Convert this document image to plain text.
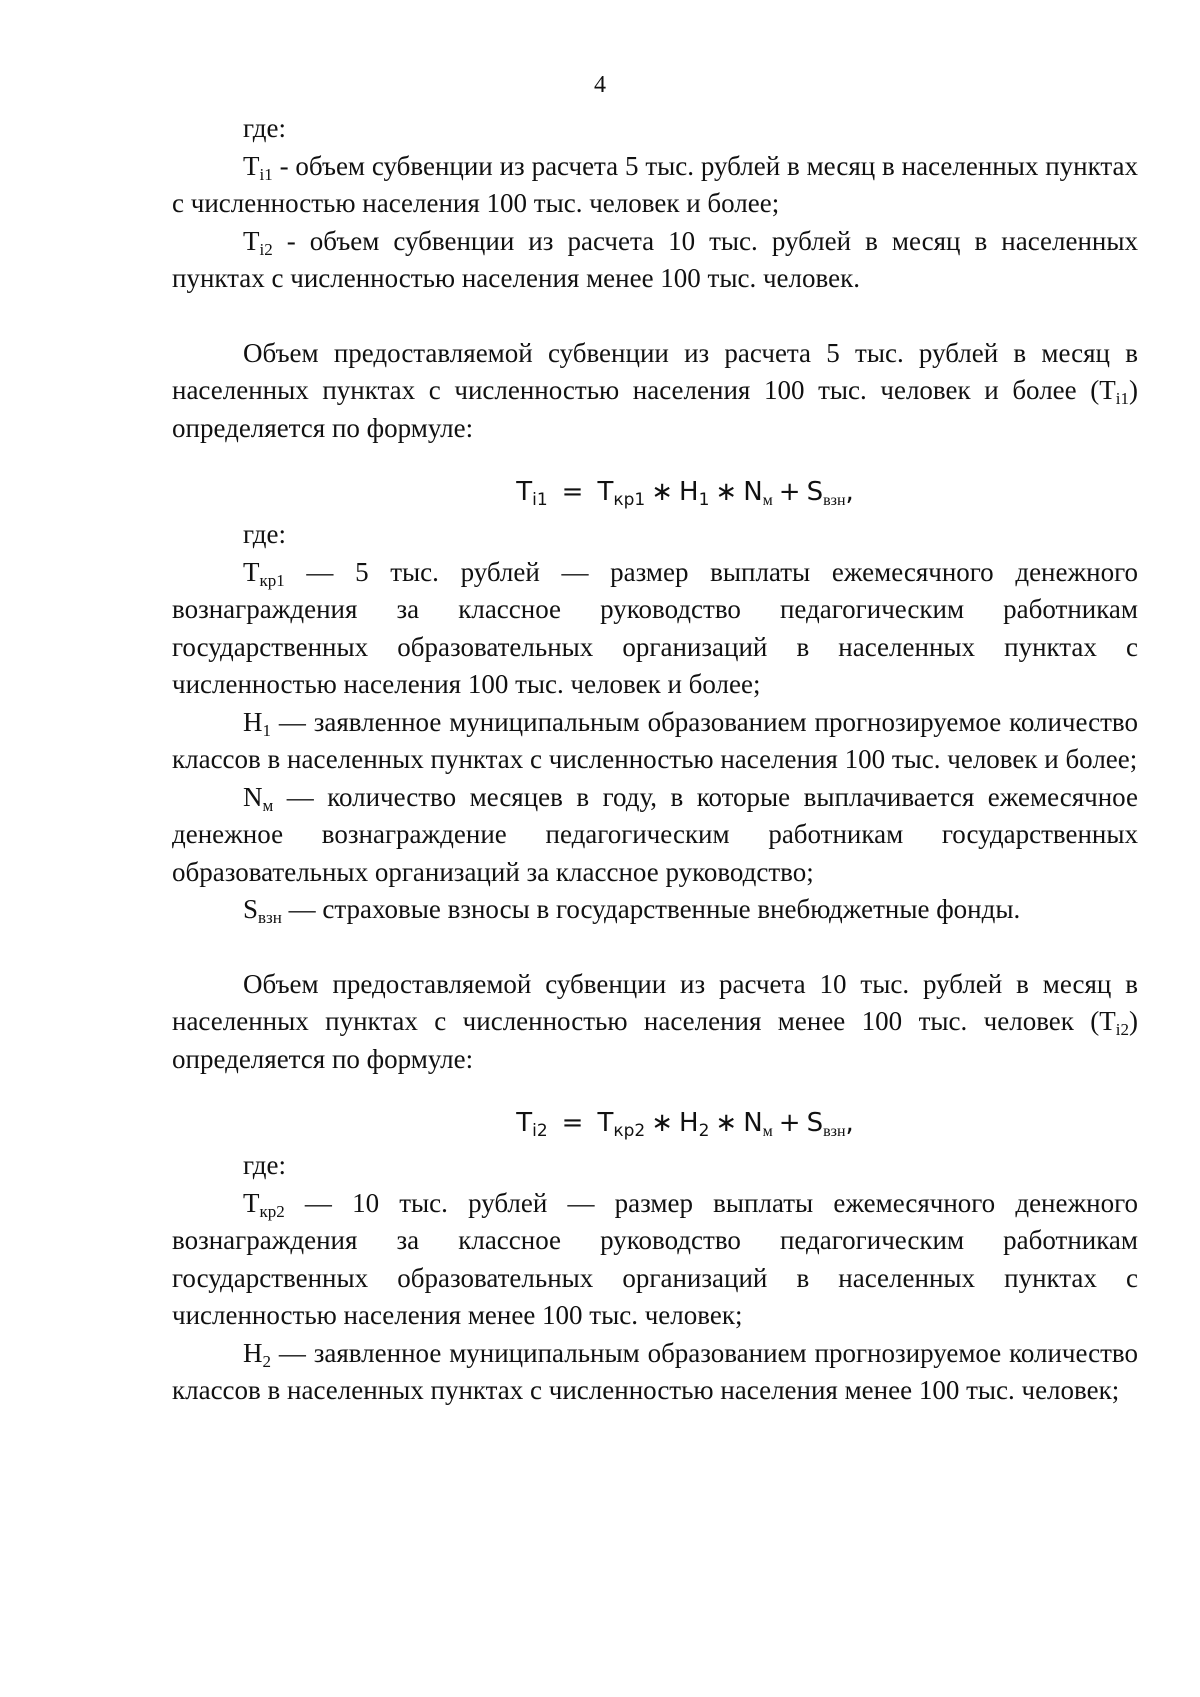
4

где:

$T_{i1}$ - объем субвенции из расчета 5 тыс. рублей в месяц в населенных пунктах с численностью населения 100 тыс. человек и более;

$T_{i2}$ - объем субвенции из расчета 10 тыс. рублей в месяц в населенных пунктах с численностью населения менее 100 тыс. человек.

Объем предоставляемой субвенции из расчета 5 тыс. рублей в месяц в населенных пунктах с численностью населения 100 тыс. человек и более $(T_{i1})$ определяется по формуле:

$T_{i1} = T_{кр1}$ ∗ $H_1$ ∗ $N_м + S_{взн}$,

где:

$T_{кр1}$ — 5 тыс. рублей — размер выплаты ежемесячного денежного вознаграждения за классное руководство педагогическим работникам государственных образовательных организаций в населенных пунктах с численностью населения 100 тыс. человек и более;

$H_1$ — заявленное муниципальным образованием прогнозируемое количество классов в населенных пунктах с численностью населения 100 тыс. человек и более;

$N_м$ — количество месяцев в году, в которые выплачивается ежемесячное денежное вознаграждение педагогическим работникам государственных образовательных организаций за классное руководство;

$S_{взн}$ — страховые взносы в государственные внебюджетные фонды.

Объем предоставляемой субвенции из расчета 10 тыс. рублей в месяц в населенных пунктах с численностью населения менее 100 тыс. человек $(T_{i2})$ определяется по формуле:

$T_{i2} = T_{кр2}$ ∗ $H_2$ ∗ $N_м + S_{взн}$,

где:

$T_{кр2}$ — 10 тыс. рублей — размер выплаты ежемесячного денежного вознаграждения за классное руководство педагогическим работникам государственных образовательных организаций в населенных пунктах с численностью населения менее 100 тыс. человек;

$H_2$ — заявленное муниципальным образованием прогнозируемое количество классов в населенных пунктах с численностью населения менее 100 тыс. человек;
